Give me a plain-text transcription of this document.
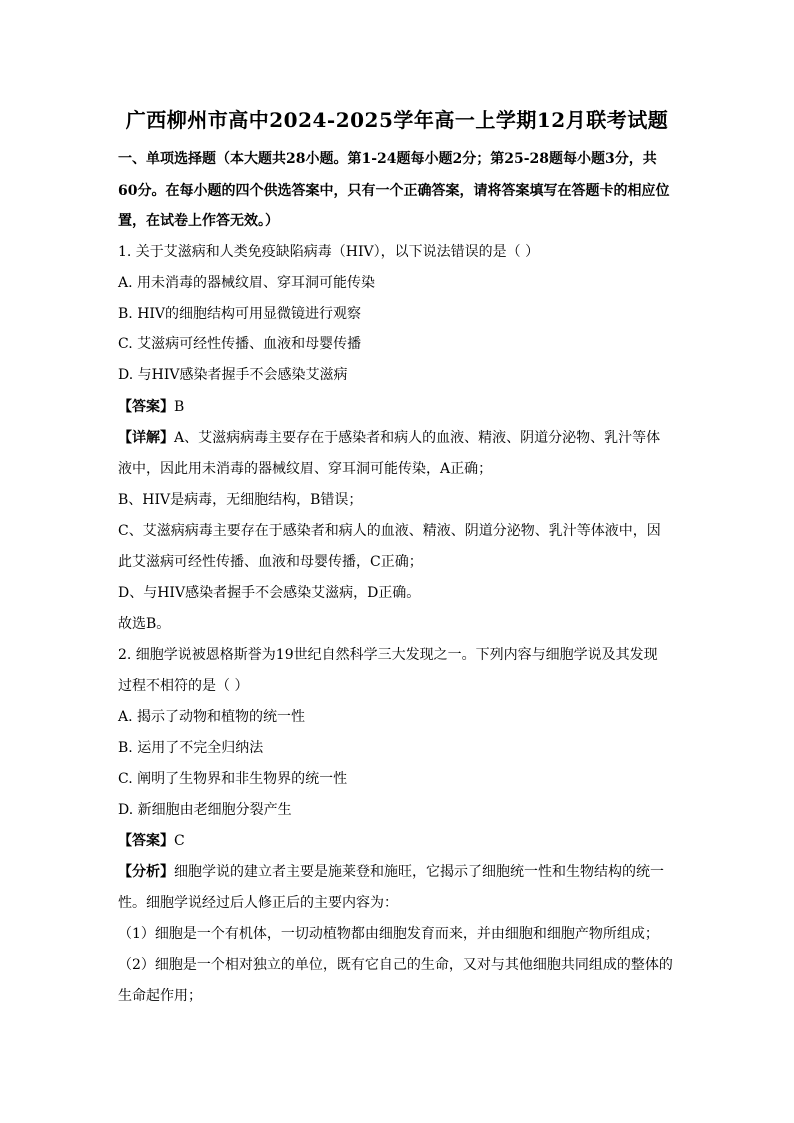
广西柳州市高中2024-2025学年高一上学期12月联考试题
一、单项选择题（本大题共28小题。第1-24题每小题2分；第25-28题每小题3分，共
60分。在每小题的四个供选答案中，只有一个正确答案，请将答案填写在答题卡的相应位
置，在试卷上作答无效。）
1. 关于艾滋病和人类免疫缺陷病毒（HIV），以下说法错误的是（ ）
A. 用未消毒的器械纹眉、穿耳洞可能传染
B. HIV的细胞结构可用显微镜进行观察
C. 艾滋病可经性传播、血液和母婴传播
D. 与HIV感染者握手不会感染艾滋病
【答案】B
【详解】A、艾滋病病毒主要存在于感染者和病人的血液、精液、阴道分泌物、乳汁等体
液中，因此用未消毒的器械纹眉、穿耳洞可能传染，A正确；
B、HIV是病毒，无细胞结构，B错误；
C、艾滋病病毒主要存在于感染者和病人的血液、精液、阴道分泌物、乳汁等体液中，因
此艾滋病可经性传播、血液和母婴传播，C正确；
D、与HIV感染者握手不会感染艾滋病，D正确。
故选B。
2. 细胞学说被恩格斯誉为19世纪自然科学三大发现之一。下列内容与细胞学说及其发现
过程不相符的是（ ）
A. 揭示了动物和植物的统一性
B. 运用了不完全归纳法
C. 阐明了生物界和非生物界的统一性
D. 新细胞由老细胞分裂产生
【答案】C
【分析】细胞学说的建立者主要是施莱登和施旺，它揭示了细胞统一性和生物结构的统一
性。细胞学说经过后人修正后的主要内容为：
（1）细胞是一个有机体，一切动植物都由细胞发育而来，并由细胞和细胞产物所组成；
（2）细胞是一个相对独立的单位，既有它自己的生命，又对与其他细胞共同组成的整体的
生命起作用；
